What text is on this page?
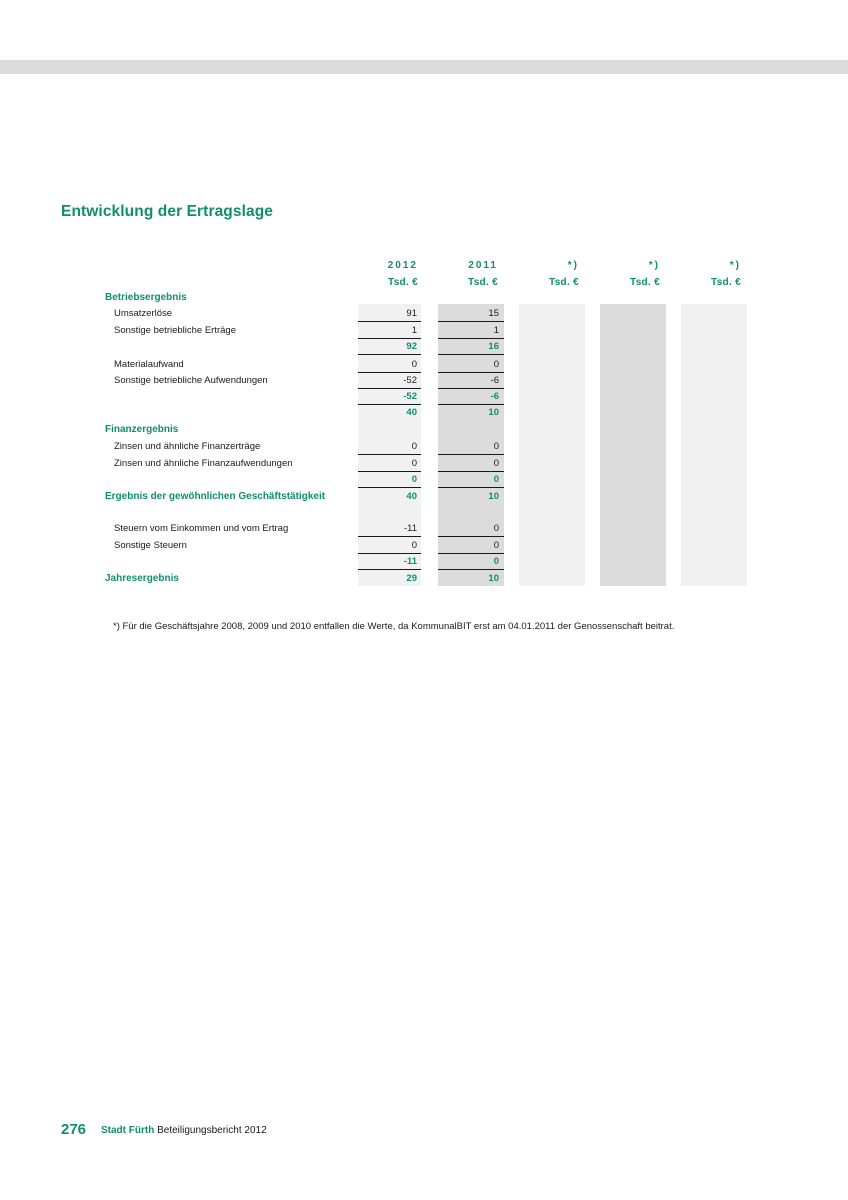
Entwicklung der Ertragslage
2012	2011	*)	*)	*)
Tsd. €	Tsd. €	Tsd. €	Tsd. €	Tsd. €
Betriebsergebnis
Umsatzerlöse	91	15
Sonstige betriebliche Erträge	1	1
92	16
Materialaufwand	0	0
Sonstige betriebliche Aufwendungen	-52	-6
-52	-6
40	10
Finanzergebnis
Zinsen und ähnliche Finanzerträge	0	0
Zinsen und ähnliche Finanzaufwendungen	0	0
0	0
Ergebnis der gewöhnlichen Geschäftstätigkeit	40	10
Steuern vom Einkommen und vom Ertrag	-11	0
Sonstige Steuern	0	0
-11	0
Jahresergebnis	29	10
*) Für die Geschäftsjahre 2008, 2009 und 2010 entfallen die Werte, da KommunalBIT erst am 04.01.2011 der Genossenschaft beitrat.
276 Stadt Fürth Beteiligungsbericht 2012
